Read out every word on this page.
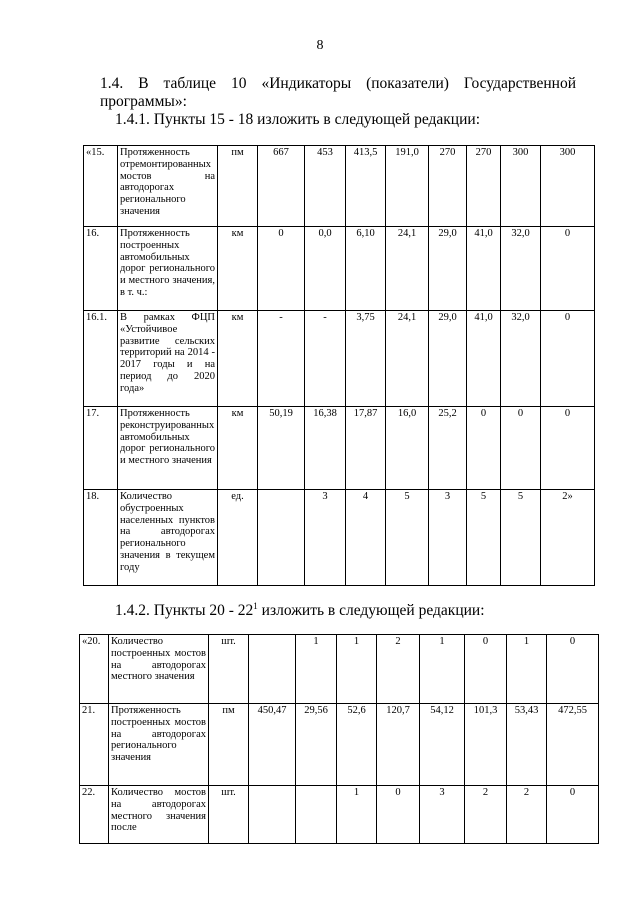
8
1.4. В таблице 10 «Индикаторы (показатели) Государственной программы»:
1.4.1. Пункты 15 - 18 изложить в следующей редакции:
«15.	Протяженность отремонтированных мостов на автодорогах регионального значения	пм	667	453	413,5	191,0	270	270	300	300
16.	Протяженность построенных автомобильных дорог регионального и местного значения, в т. ч.:	км	0	0,0	6,10	24,1	29,0	41,0	32,0	0
16.1.	В рамках ФЦП «Устойчивое развитие сельских территорий на 2014 - 2017 годы и на период до 2020 года»	км	-	-	3,75	24,1	29,0	41,0	32,0	0
17.	Протяженность реконструированных автомобильных дорог регионального и местного значения	км	50,19	16,38	17,87	16,0	25,2	0	0	0
18.	Количество обустроенных населенных пунктов на автодорогах регионального значения в текущем году	ед.		3	4	5	3	5	5	2»
1.4.2. Пункты $20 - 22^1$ изложить в следующей редакции:
«20.	Количество построенных мостов на автодорогах местного значения	шт.		1	1	2	1	0	1	0
21.	Протяженность построенных мостов на автодорогах регионального значения	пм	450,47	29,56	52,6	120,7	54,12	101,3	53,43	472,55
22.	Количество мостов на автодорогах местного значения после	шт.			1	0	3	2	2	0
